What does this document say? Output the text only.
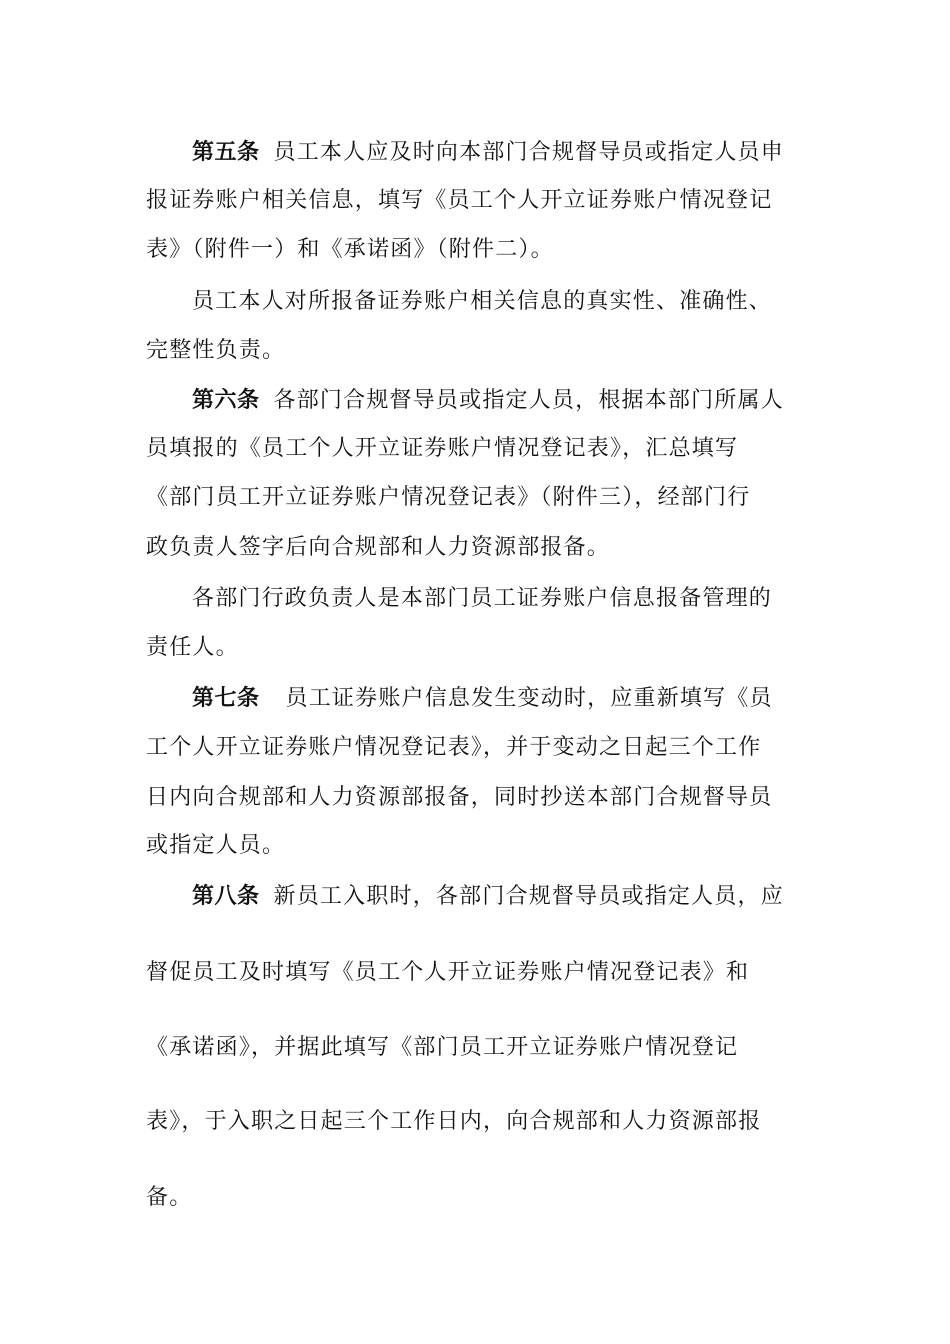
第五条 员工本人应及时向本部门合规督导员或指定人员申
报证券账户相关信息，填写《员工个人开立证券账户情况登记
表》（附件一）和《承诺函》（附件二）。
员工本人对所报备证券账户相关信息的真实性、准确性、
完整性负责。
第六条 各部门合规督导员或指定人员，根据本部门所属人
员填报的《员工个人开立证券账户情况登记表》，汇总填写
《部门员工开立证券账户情况登记表》（附件三），经部门行
政负责人签字后向合规部和人力资源部报备。
各部门行政负责人是本部门员工证券账户信息报备管理的
责任人。
第七条 员工证券账户信息发生变动时，应重新填写《员
工个人开立证券账户情况登记表》，并于变动之日起三个工作
日内向合规部和人力资源部报备，同时抄送本部门合规督导员
或指定人员。
第八条 新员工入职时，各部门合规督导员或指定人员，应
督促员工及时填写《员工个人开立证券账户情况登记表》和
《承诺函》，并据此填写《部门员工开立证券账户情况登记
表》，于入职之日起三个工作日内，向合规部和人力资源部报
备。
